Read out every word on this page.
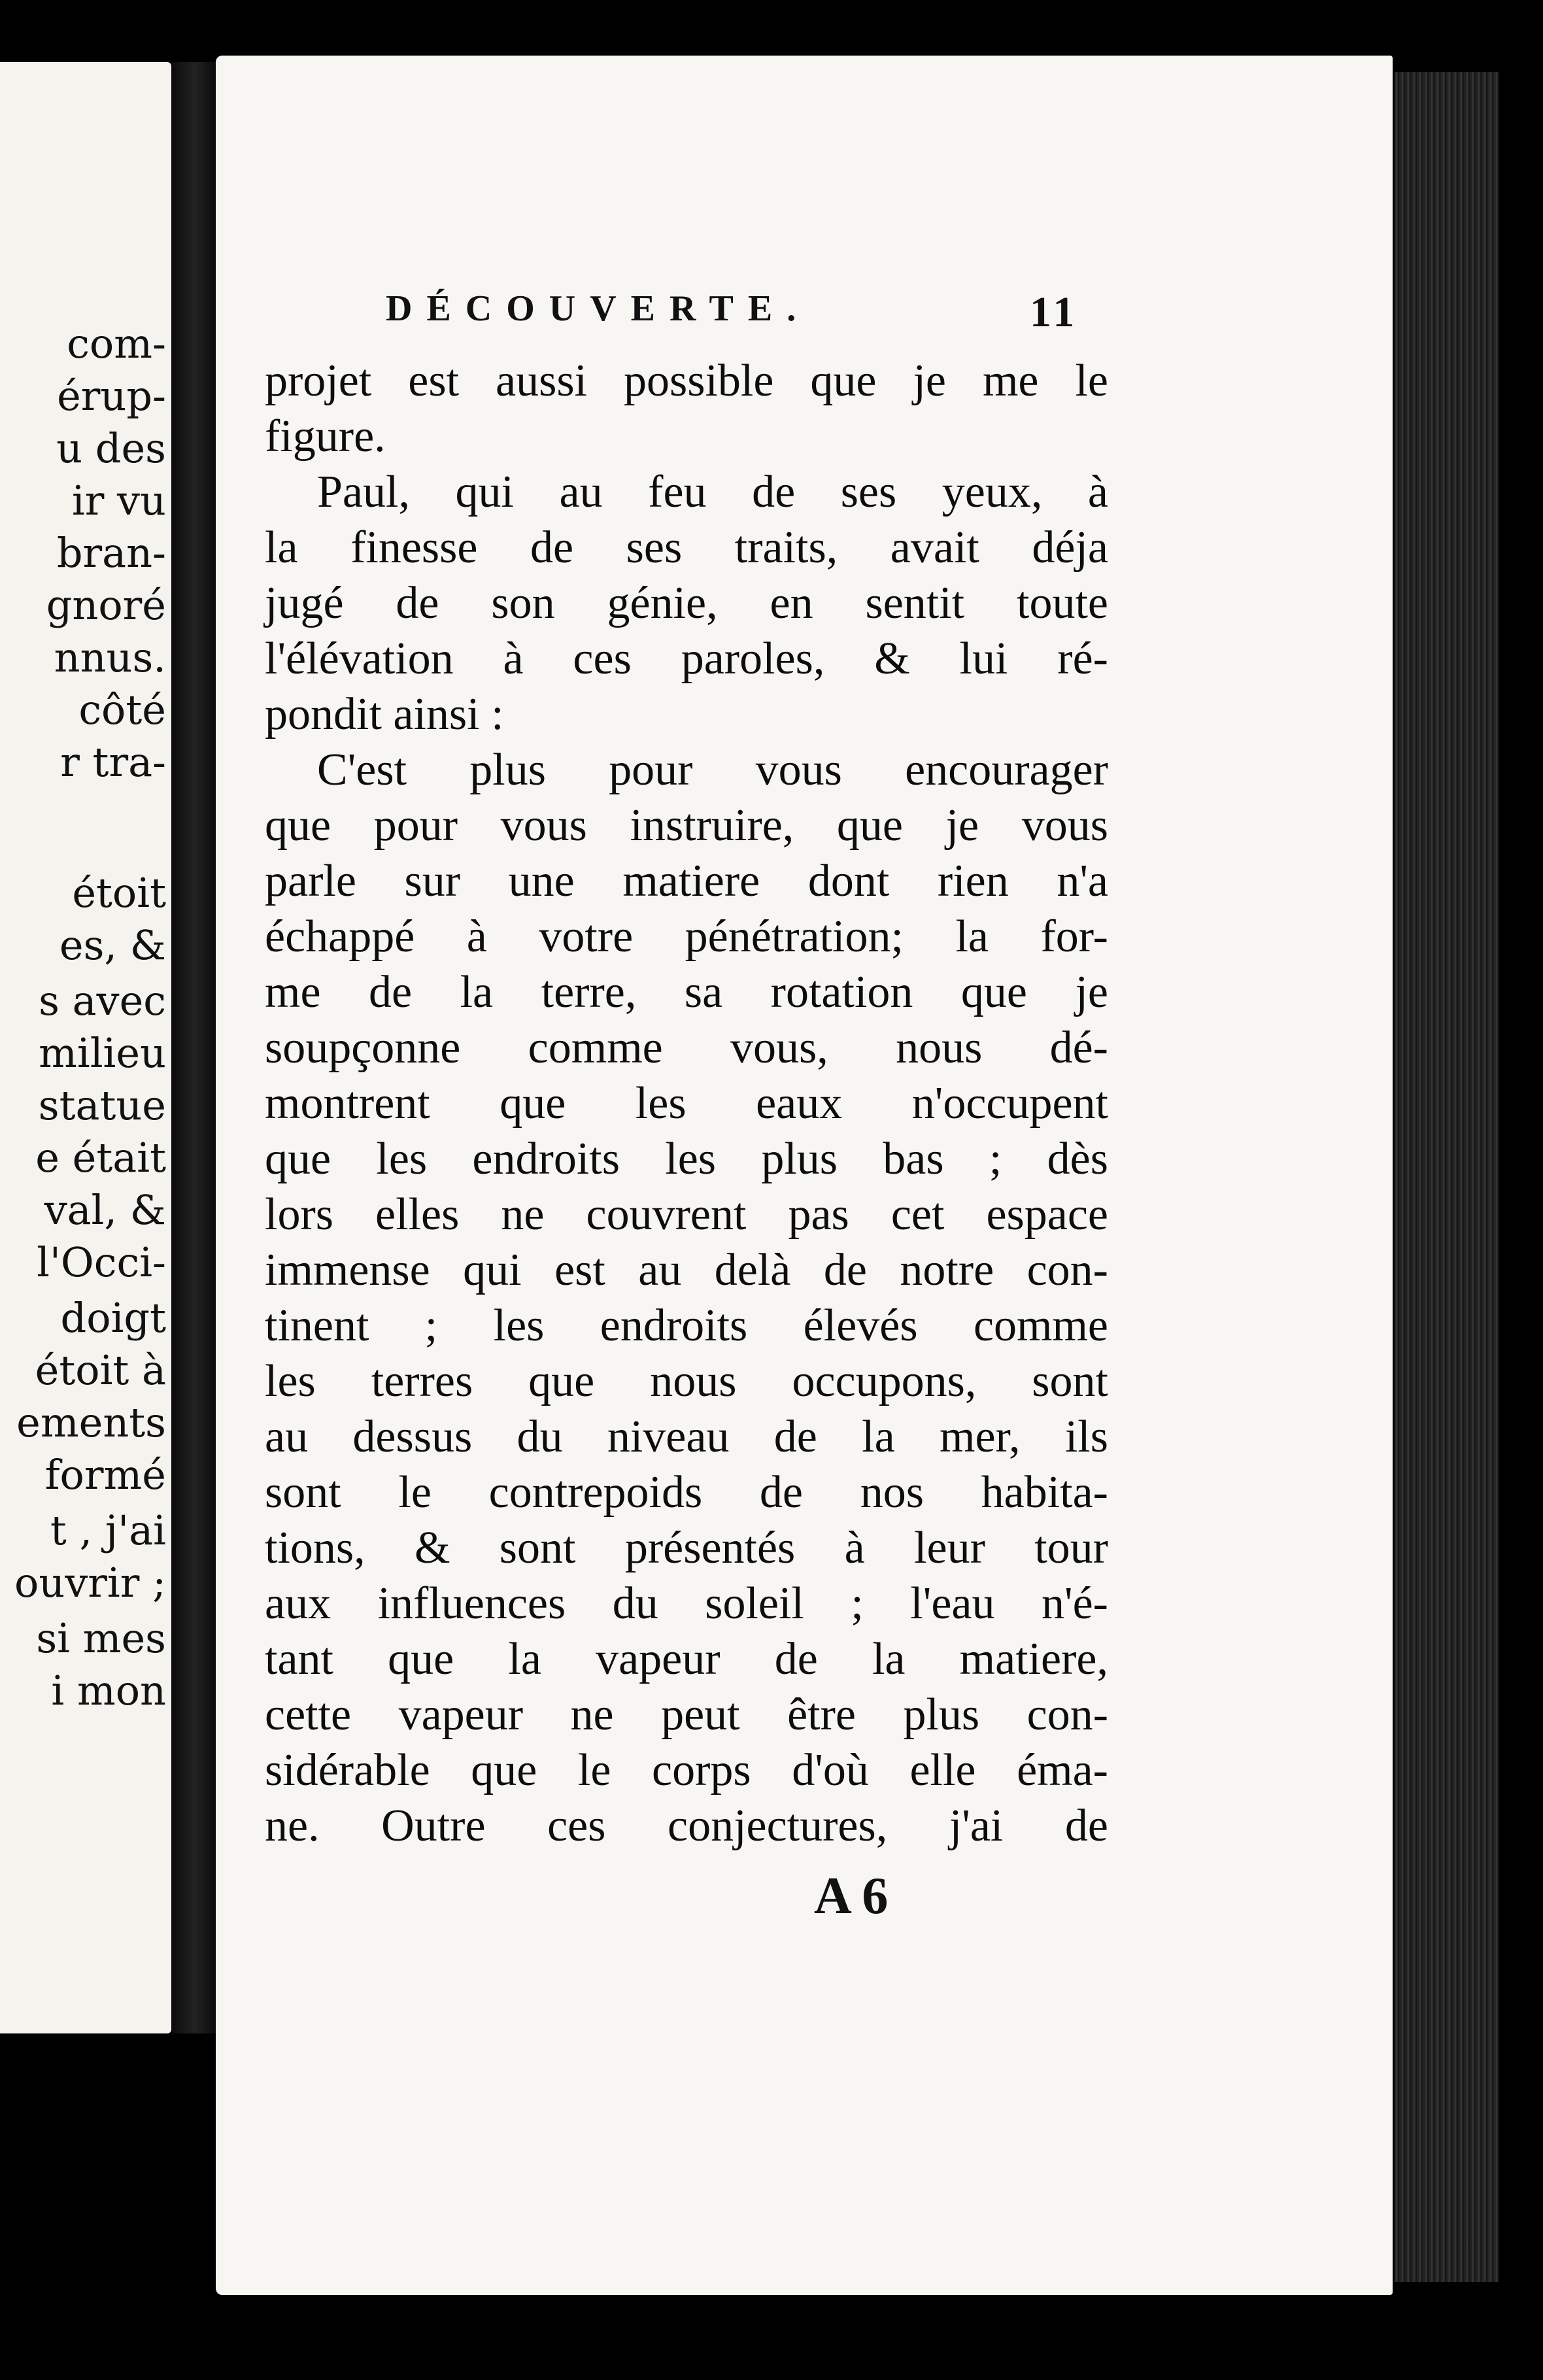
com-
érup-
u des
ir vu
bran-
gnoré
nnus.
côté
r tra-
étoit
es, &
s avec
milieu
statue
e était
val, &
l'Occi-
doigt
étoit à
ements
formé
t , j'ai
ouvrir ;
si mes
i mon
DÉCOUVERTE.	11
projet est aussi possible que je me le
figure.
Paul, qui au feu de ses yeux, à
la finesse de ses traits, avait déja
jugé de son génie, en sentit toute
l'élévation à ces paroles, & lui ré-
pondit ainsi :
C'est plus pour vous encourager
que pour vous instruire, que je vous
parle sur une matiere dont rien n'a
échappé à votre pénétration; la for-
me de la terre, sa rotation que je
soupçonne comme vous, nous dé-
montrent que les eaux n'occupent
que les endroits les plus bas ; dès
lors elles ne couvrent pas cet espace
immense qui est au delà de notre con-
tinent ; les endroits élevés comme
les terres que nous occupons, sont
au dessus du niveau de la mer, ils
sont le contrepoids de nos habita-
tions, & sont présentés à leur tour
aux influences du soleil ; l'eau n'é-
tant que la vapeur de la matiere,
cette vapeur ne peut être plus con-
sidérable que le corps d'où elle éma-
ne. Outre ces conjectures, j'ai de
A 6
